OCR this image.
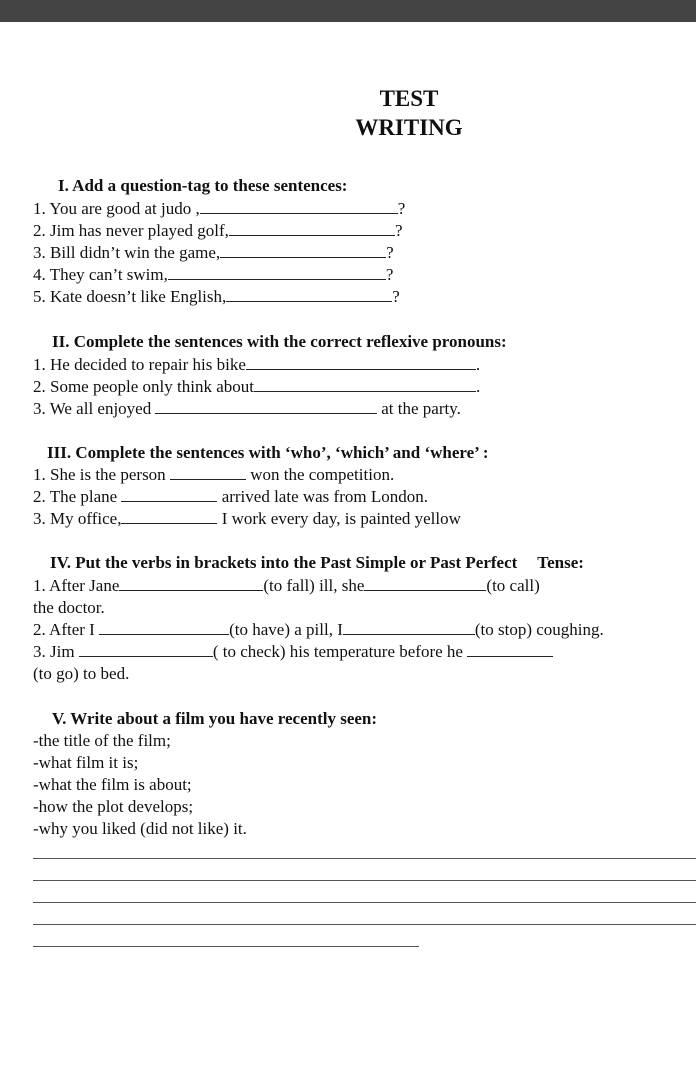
TEST
WRITING
I. Add a question-tag to these sentences:
1. You are good at judo ,	?
2. Jim has never played golf,	?
3. Bill didn’t win the game,	?
4. They can’t swim,	?
5. Kate doesn’t like English,	?
II. Complete the sentences with the correct reflexive pronouns:
1. He decided to repair his bike	.
2. Some people only think about	.
3. We all enjoyed	at the party.
III. Complete the sentences with ‘who’, ‘which’ and ‘where’ :
1. She is the person	won the competition.
2. The plane	arrived late was from London.
3. My office,	I work every day, is painted yellow
IV. Put the verbs in brackets into the Past Simple or Past Perfect Tense:
1. After Jane	(to fall) ill, she	(to call)
the doctor.
2. After I	(to have) a pill, I	(to stop) coughing.
3. Jim	( to check) his temperature before he
(to go) to bed.
V. Write about a film you have recently seen:
-the title of the film;
-what film it is;
-what the film is about;
-how the plot develops;
-why you liked (did not like) it.
